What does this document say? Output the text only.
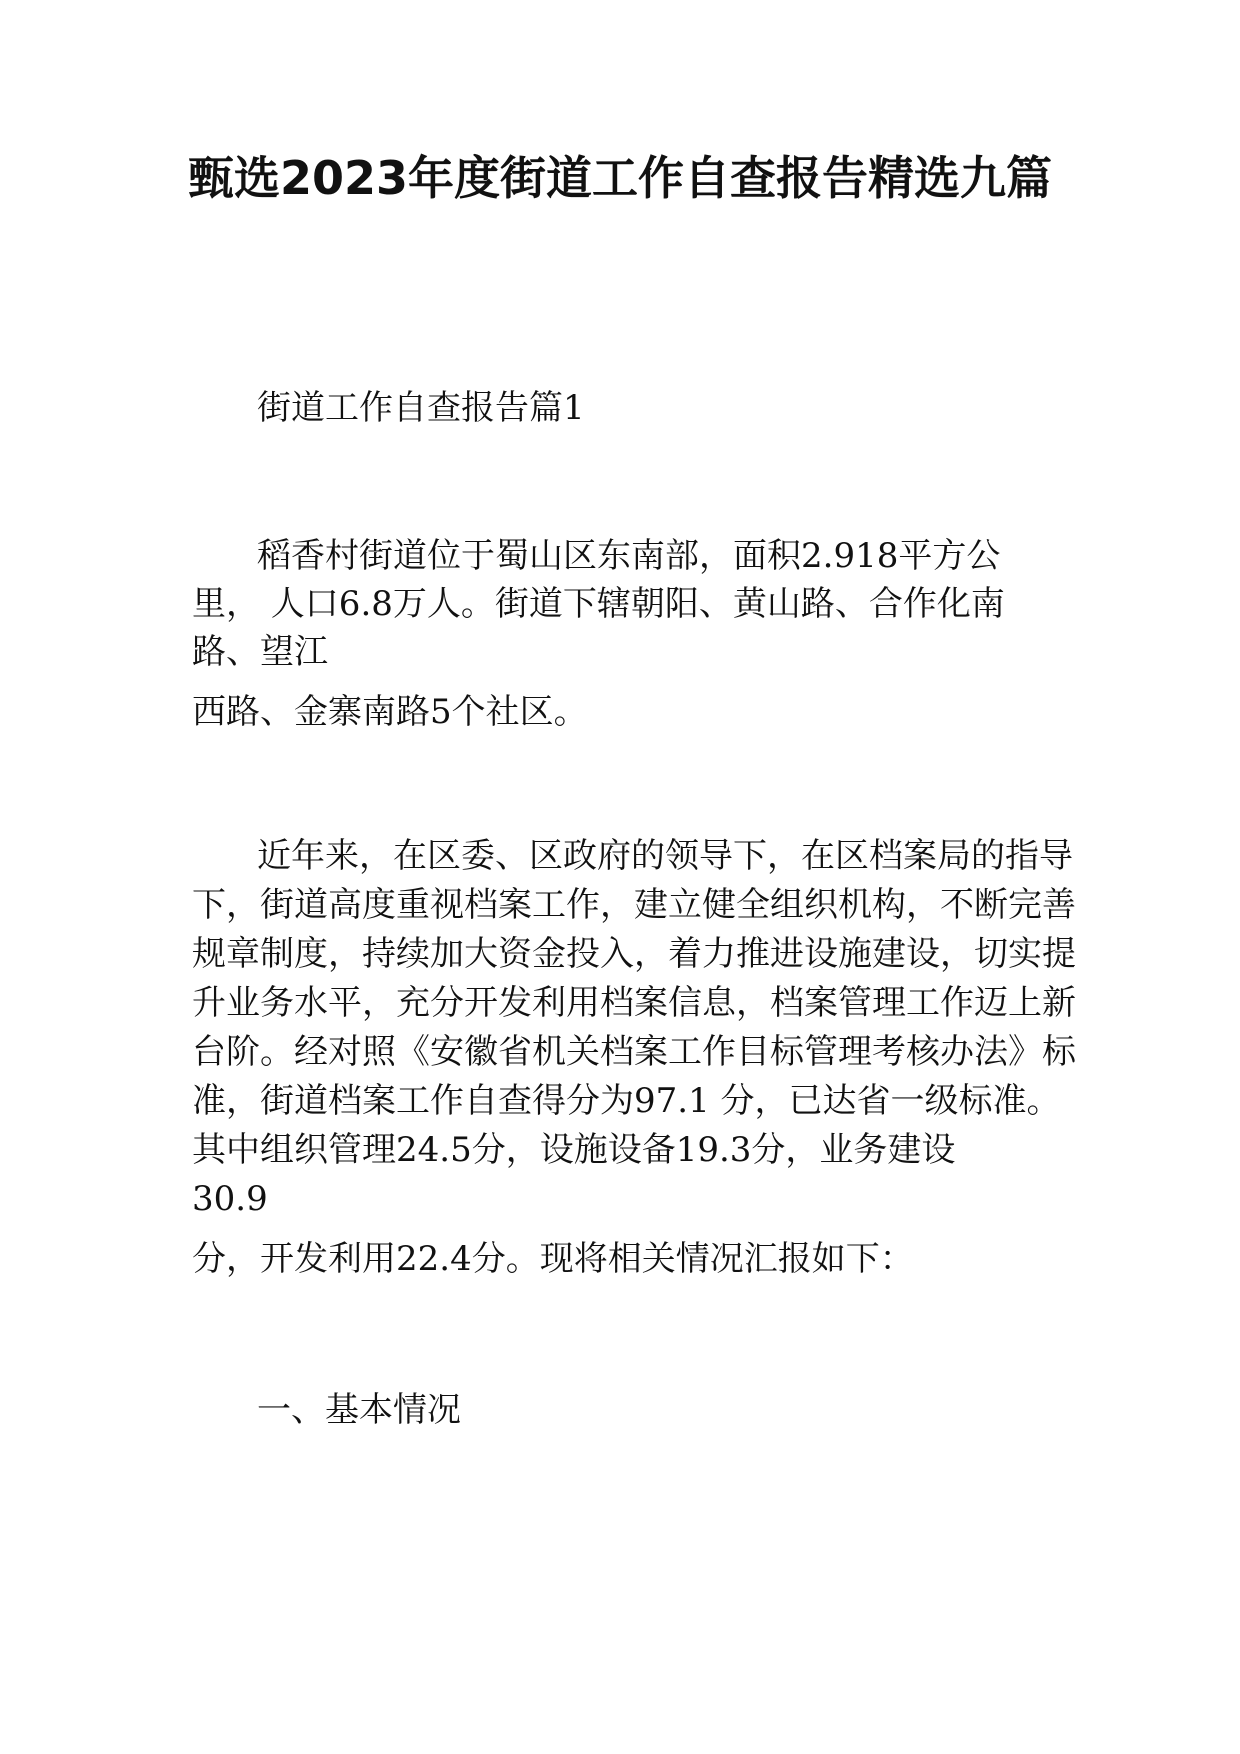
甄选2023年度街道工作自查报告精选九篇
街道工作自查报告篇1
稻香村街道位于蜀山区东南部，面积2.918平方公
里， 人口6.8万人。街道下辖朝阳、黄山路、合作化南
路、望江
西路、金寨南路5个社区。
近年来，在区委、区政府的领导下，在区档案局的指导
下，街道高度重视档案工作，建立健全组织机构，不断完善
规章制度，持续加大资金投入，着力推进设施建设，切实提
升业务水平，充分开发利用档案信息，档案管理工作迈上新
台阶。经对照《安徽省机关档案工作目标管理考核办法》标
准，街道档案工作自查得分为97.1 分，已达省一级标准。
其中组织管理24.5分，设施设备19.3分，业务建设
30.9
分，开发利用22.4分。现将相关情况汇报如下：
一、基本情况
